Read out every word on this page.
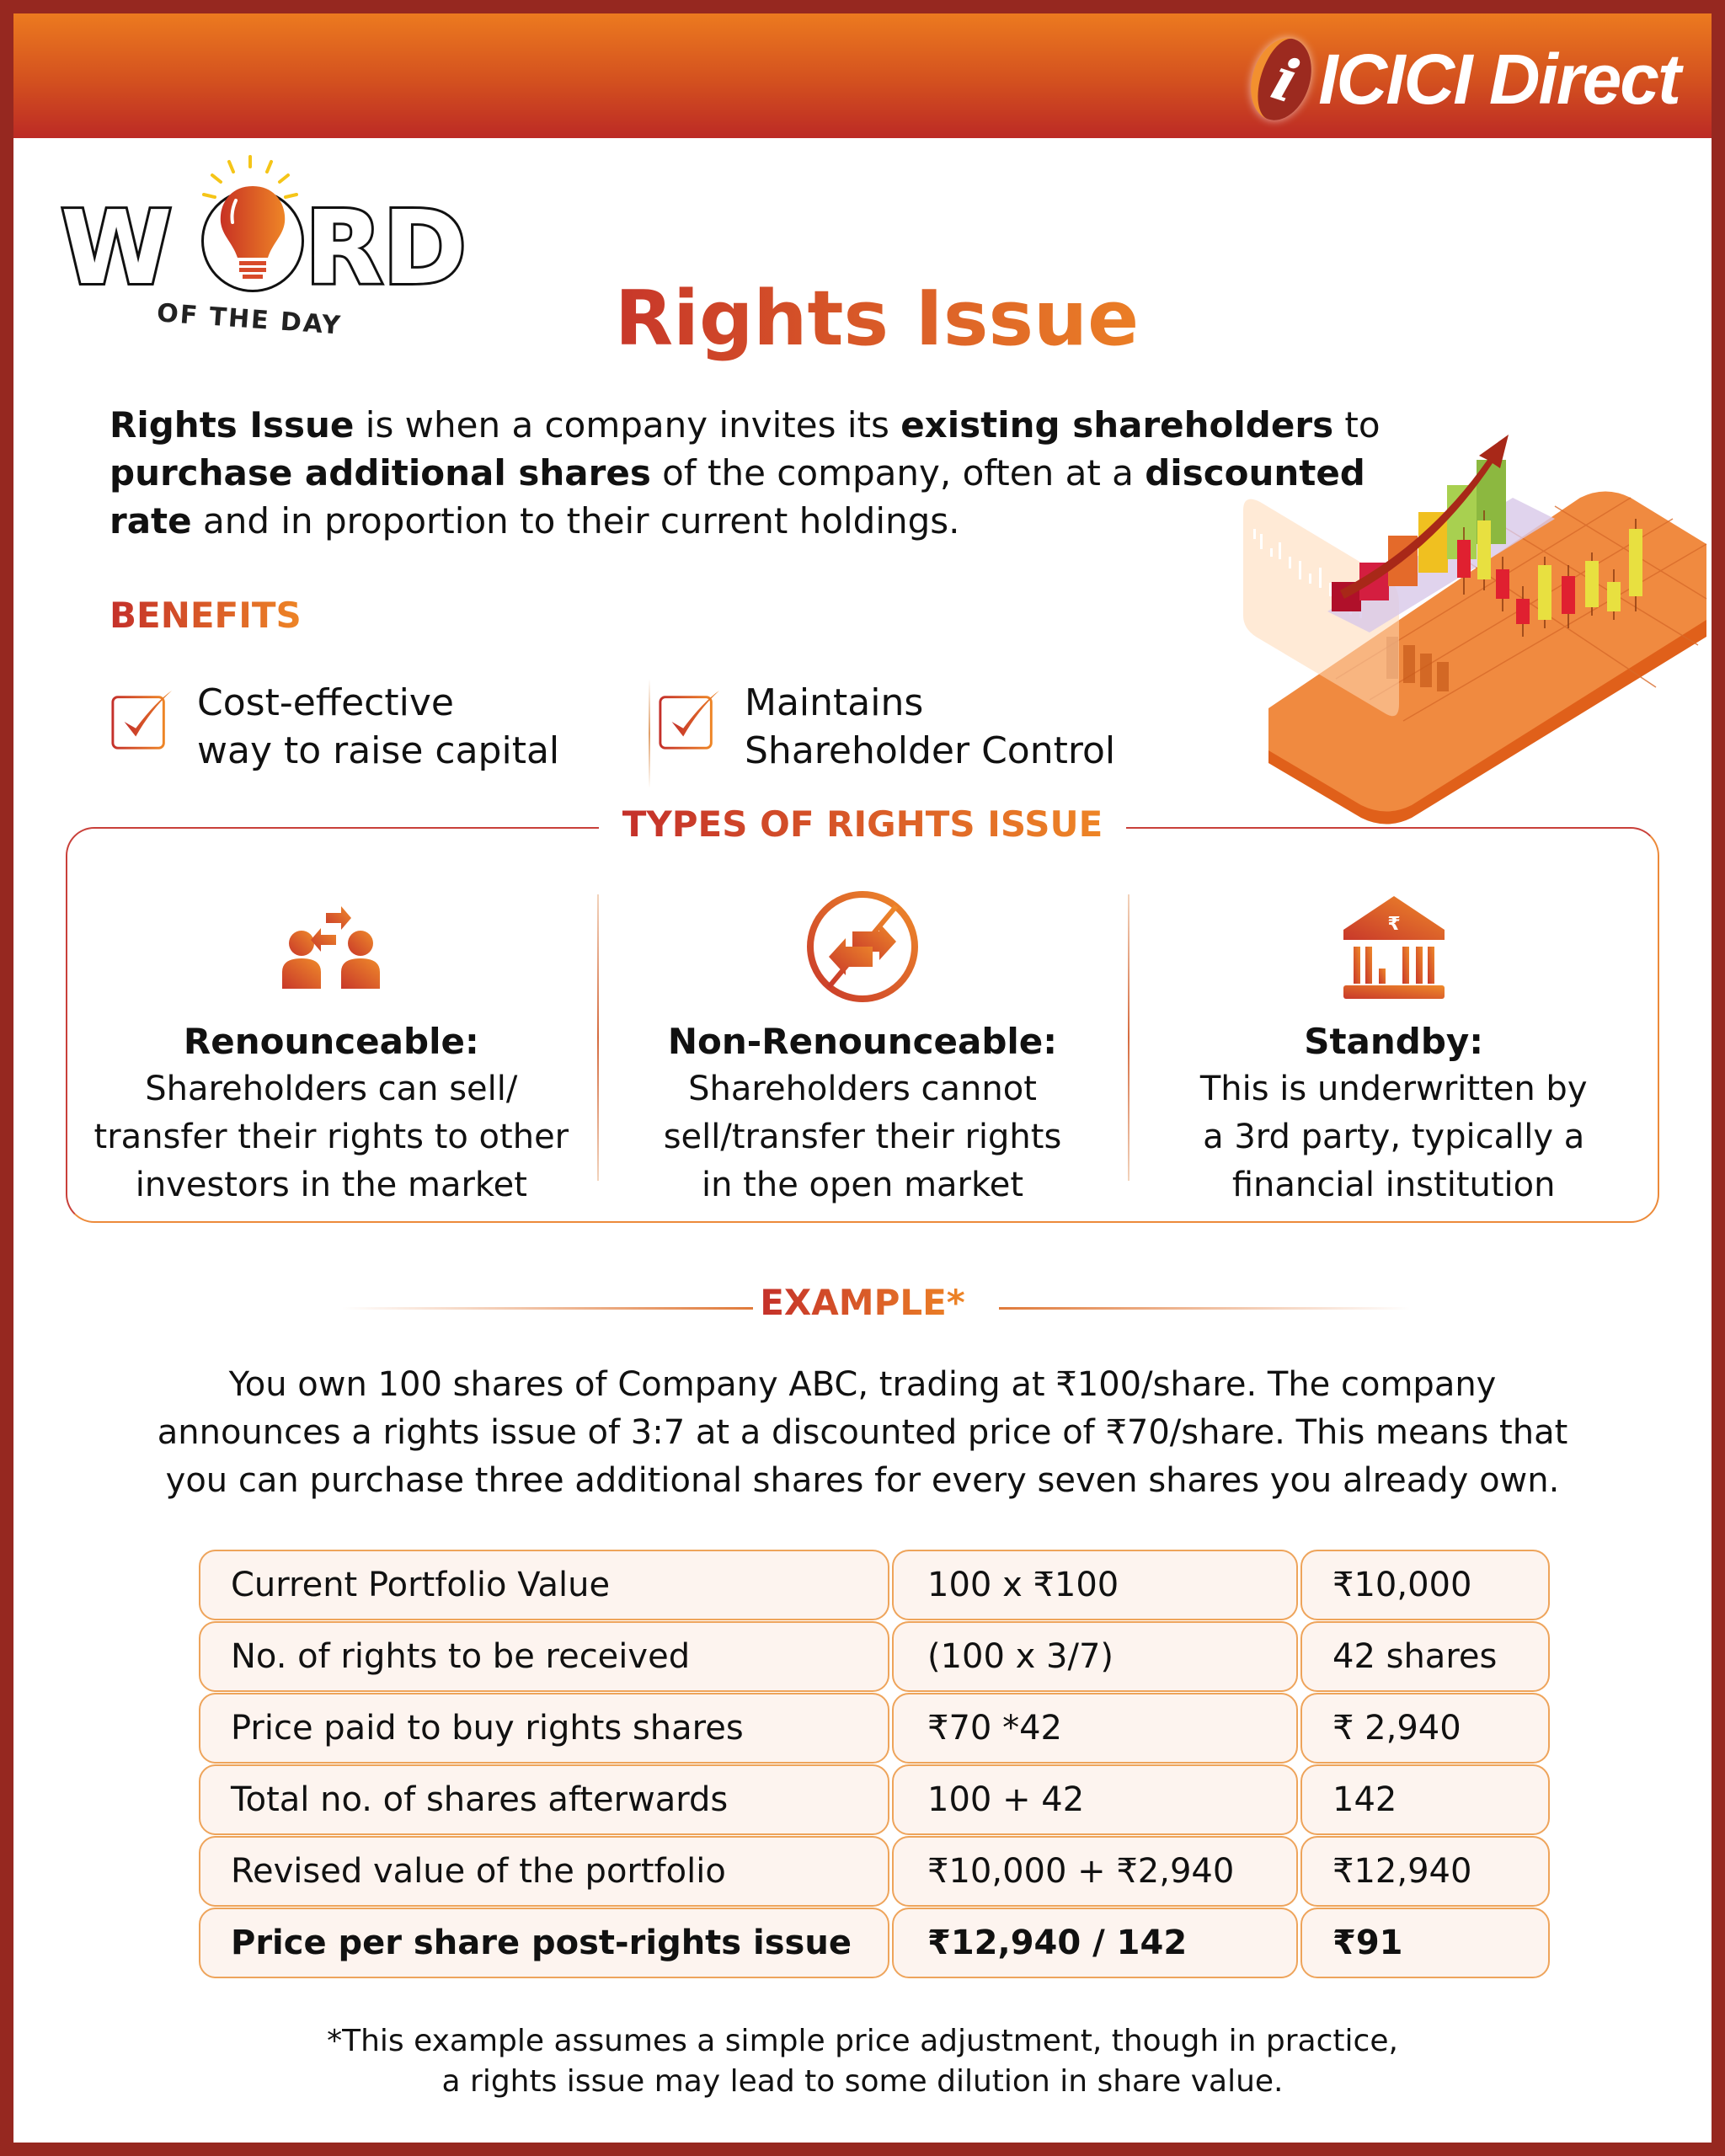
i ICICI Direct
W RD
OF THE DAY	Rights Issue

Rights Issue is when a company invites its existing shareholders to
purchase additional shares of the company, often at a discounted rate and in proportion to their current holdings.

BENEFITS
Cost-effective
way to raise capital
Maintains
Shareholder Control
TYPES OF RIGHTS ISSUE
Renounceable:
Shareholders can sell/
transfer their rights to other
investors in the market
Non-Renounceable:
Shareholders cannot
sell/transfer their rights
in the open market
₹
Standby:
This is underwritten by
a 3rd party, typically a
financial institution
EXAMPLE*
You own 100 shares of Company ABC, trading at ₹100/share. The company
announces a rights issue of 3:7 at a discounted price of ₹70/share. This means that
you can purchase three additional shares for every seven shares you already own.
Current Portfolio Value	100 x ₹100	₹10,000
No. of rights to be received	(100 x 3/7)	42 shares
Price paid to buy rights shares	₹70 *42	₹ 2,940
Total no. of shares afterwards	100 + 42	142
Revised value of the portfolio	₹10,000 + ₹2,940	₹12,940
Price per share post-rights issue	₹12,940 / 142	₹91
*This example assumes a simple price adjustment, though in practice,
a rights issue may lead to some dilution in share value.
